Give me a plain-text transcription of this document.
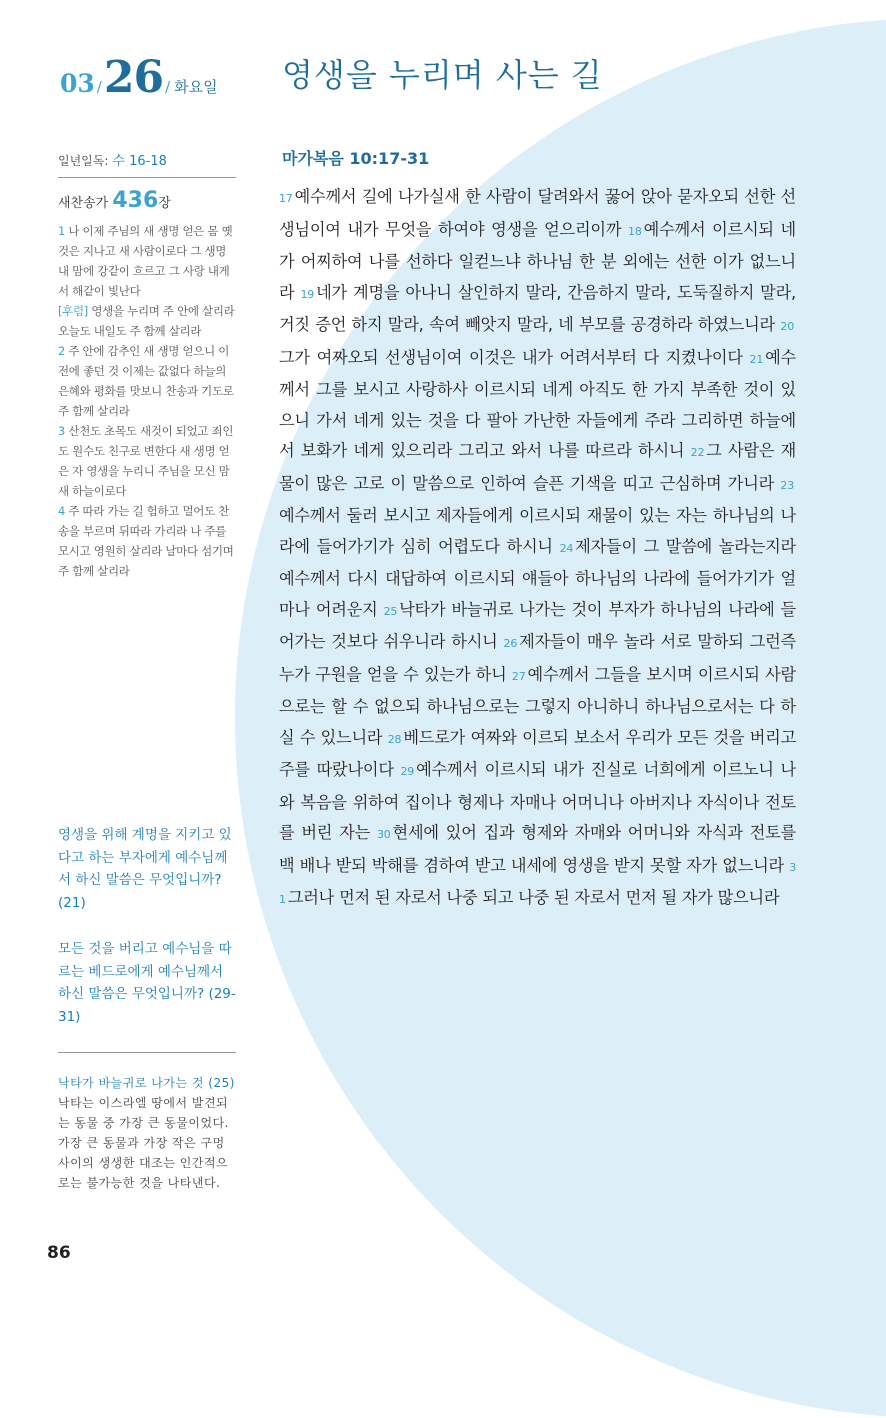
03 /26 / 화요일 영생을 누리며 사는 길
일년일독: 수 16-18
새찬송가 436장
1 나 이제 주님의 새 생명 얻은 몸 옛것은 지나고 새 사람이로다 그 생명 내 맘에 강같이 흐르고 그 사랑 내게서 해같이 빛난다
[후렴] 영생을 누리며 주 안에 살리라 오늘도 내일도 주 함께 살리라
2 주 안에 감추인 새 생명 얻으니 이전에 좋던 것 이제는 값없다 하늘의 은혜와 평화를 맛보니 찬송과 기도로 주 함께 살리라
3 산천도 초목도 새것이 되었고 죄인도 원수도 친구로 변한다 새 생명 얻은 자 영생을 누리니 주님을 모신 맘 새 하늘이로다
4 주 따라 가는 길 험하고 멀어도 찬송을 부르며 뒤따라 가리라 나 주를 모시고 영원히 살리라 날마다 섬기며 주 함께 살리라
영생을 위해 계명을 지키고 있다고 하는 부자에게 예수님께서 하신 말씀은 무엇입니까? (21)
모든 것을 버리고 예수님을 따르는 베드로에게 예수님께서 하신 말씀은 무엇입니까? (29-31)
낙타가 바늘귀로 나가는 것 (25) 낙타는 이스라엘 땅에서 발견되는 동물 중 가장 큰 동물이었다. 가장 큰 동물과 가장 작은 구멍 사이의 생생한 대조는 인간적으로는 불가능한 것을 나타낸다.
86
마가복음 10:17-31
17 예수께서 길에 나가실새 한 사람이 달려와서 꿇어 앉아 묻자오되 선한 선생님이여 내가 무엇을 하여야 영생을 얻으리이까 18 예수께서 이르시되 네가 어찌하여 나를 선하다 일컫느냐 하나님 한 분 외에는 선한 이가 없느니라 19 네가 계명을 아나니 살인하지 말라, 간음하지 말라, 도둑질하지 말라, 거짓 증언 하지 말라, 속여 빼앗지 말라, 네 부모를 공경하라 하였느니라 20그가 여짜오되 선생님이여 이것은 내가 어려서부터 다 지켰나이다 21 예수께서 그를 보시고 사랑하사 이르시되 네게 아직도 한 가지 부족한 것이 있으니 가서 네게 있는 것을 다 팔아 가난한 자들에게 주라 그리하면 하늘에서 보화가 네게 있으리라 그리고 와서 나를 따르라 하시니 22 그 사람은 재물이 많은 고로 이 말씀으로 인하여 슬픈 기색을 띠고 근심하며 가니라 23예수께서 둘러 보시고 제자들에게 이르시되 재물이 있는 자는 하나님의 나라에 들어가기가 심히 어렵도다 하시니 24 제자들이 그 말씀에 놀라는지라 예수께서 다시 대답하여 이르시되 얘들아 하나님의 나라에 들어가기가 얼마나 어려운지 25 낙타가 바늘귀로 나가는 것이 부자가 하나님의 나라에 들어가는 것보다 쉬우니라 하시니 26 제자들이 매우 놀라 서로 말하되 그런즉 누가 구원을 얻을 수 있는가 하니 27 예수께서 그들을 보시며 이르시되 사람으로는 할 수 없으되 하나님으로는 그렇지 아니하니 하나님으로서는 다 하실 수 있느니라 28 베드로가 여짜와 이르되 보소서 우리가 모든 것을 버리고 주를 따랐나이다 29 예수께서 이르시되 내가 진실로 너희에게 이르노니 나와 복음을 위하여 집이나 형제나 자매나 어머니나 아버지나 자식이나 전토를 버린 자는 30 현세에 있어 집과 형제와 자매와 어머니와 자식과 전토를 백 배나 받되 박해를 겸하여 받고 내세에 영생을 받지 못할 자가 없느니라 31 그러나 먼저 된 자로서 나중 되고 나중 된 자로서 먼저 될 자가 많으니라
